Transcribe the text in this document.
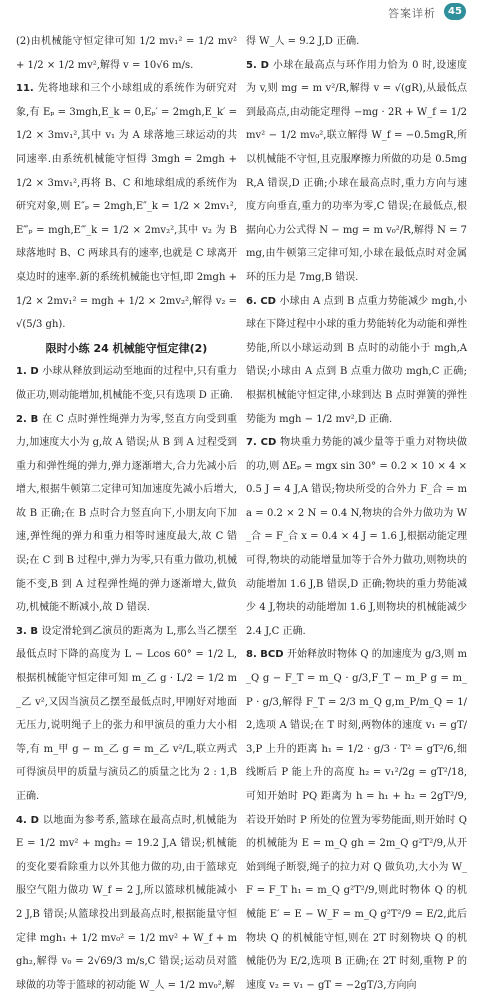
答案详析	45

(2)由机械能守恒定律可知 1/2 mv₁² = 1/2 mv² + 1/2 × 1/2 mv²,解得 v = 10√6 m/s.

11. 先将地球和三个小球组成的系统作为研究对象,有 Eₚ = 3mgh,E_k = 0,Eₚ′ = 2mgh,E_k′ = 1/2 × 3mv₁²,其中 v₁ 为 A 球落地三球运动的共同速率.由系统机械能守恒得 3mgh = 2mgh + 1/2 × 3mv₁²,再将 B、C 和地球组成的系统作为研究对象,则 E″ₚ = 2mgh,E″_k = 1/2 × 2mv₁²,E‴ₚ = mgh,E‴_k = 1/2 × 2mv₂²,其中 v₂ 为 B 球落地时 B、C 两球具有的速率,也就是 C 球离开桌边时的速率.新的系统机械能也守恒,即 2mgh + 1/2 × 2mv₁² = mgh + 1/2 × 2mv₂²,解得 v₂ = √(5/3 gh).

限时小练 24 机械能守恒定律(2)

1. D 小球从释放到运动至地面的过程中,只有重力做正功,则动能增加,机械能不变,只有选项 D 正确.

2. B 在 C 点时弹性绳弹力为零,竖直方向受到重力,加速度大小为 g,故 A 错误;从 B 到 A 过程受到重力和弹性绳的弹力,弹力逐渐增大,合力先减小后增大,根据牛顿第二定律可知加速度先减小后增大,故 B 正确;在 B 点时合力竖直向下,小朋友向下加速,弹性绳的弹力和重力相等时速度最大,故 C 错误;在 C 到 B 过程中,弹力为零,只有重力做功,机械能不变,B 到 A 过程弹性绳的弹力逐渐增大,做负功,机械能不断减小,故 D 错误.

3. B 设定滑轮到乙演员的距离为 L,那么当乙摆至最低点时下降的高度为 L − Lcos 60° = 1/2 L,根据机械能守恒定律可知 m_乙 g · L/2 = 1/2 m_乙 v²,又因当演员乙摆至最低点时,甲刚好对地面无压力,说明绳子上的张力和甲演员的重力大小相等,有 m_甲 g − m_乙 g = m_乙 v²/L,联立两式可得演员甲的质量与演员乙的质量之比为 2 : 1,B 正确.

4. D 以地面为参考系,篮球在最高点时,机械能为 E = 1/2 mv² + mgh₂ = 19.2 J,A 错误;机械能的变化要看除重力以外其他力做的功,由于篮球克服空气阻力做功 W_f = 2 J,所以篮球机械能减小 2 J,B 错误;从篮球投出到最高点时,根据能量守恒定律 mgh₁ + 1/2 mv₀² = 1/2 mv² + W_f + mgh₂,解得 v₀ = 2√69/3 m/s,C 错误;运动员对篮球做的功等于篮球的初动能 W_人 = 1/2 mv₀²,解

得 W_人 = 9.2 J,D 正确.

5. D 小球在最高点与环作用力恰为 0 时,设速度为 v,则 mg = m v²/R,解得 v = √(gR),从最低点到最高点,由动能定理得 −mg · 2R + W_f = 1/2 mv² − 1/2 mv₀²,联立解得 W_f = −0.5mgR,所以机械能不守恒,且克服摩擦力所做的功是 0.5mgR,A 错误,D 正确;小球在最高点时,重力方向与速度方向垂直,重力的功率为零,C 错误;在最低点,根据向心力公式得 N − mg = m v₀²/R,解得 N = 7mg,由牛顿第三定律可知,小球在最低点时对金属环的压力是 7mg,B 错误.

6. CD 小球由 A 点到 B 点重力势能减少 mgh,小球在下降过程中小球的重力势能转化为动能和弹性势能,所以小球运动到 B 点时的动能小于 mgh,A 错误;小球由 A 点到 B 点重力做功 mgh,C 正确;根据机械能守恒定律,小球到达 B 点时弹簧的弹性势能为 mgh − 1/2 mv²,D 正确.

7. CD 物块重力势能的减少量等于重力对物块做的功,则 ΔEₚ = mgx sin 30° = 0.2 × 10 × 4 × 0.5 J = 4 J,A 错误;物块所受的合外力 F_合 = ma = 0.2 × 2 N = 0.4 N,物块的合外力做功为 W_合 = F_合 x = 0.4 × 4 J = 1.6 J,根据动能定理可得,物块的动能增量加等于合外力做功,则物块的动能增加 1.6 J,B 错误,D 正确;物块的重力势能减少 4 J,物块的动能增加 1.6 J,则物块的机械能减少 2.4 J,C 正确.

8. BCD 开始释放时物体 Q 的加速度为 g/3,则 m_Q g − F_T = m_Q · g/3,F_T − m_P g = m_P · g/3,解得 F_T = 2/3 m_Q g,m_P/m_Q = 1/2,选项 A 错误;在 T 时刻,两物体的速度 v₁ = gT/3,P 上升的距离 h₁ = 1/2 · g/3 · T² = gT²/6,细线断后 P 能上升的高度 h₂ = v₁²/2g = gT²/18,可知开始时 PQ 距离为 h = h₁ + h₂ = 2gT²/9,若设开始时 P 所处的位置为零势能面,则开始时 Q 的机械能为 E = m_Q gh = 2m_Q g²T²/9,从开始到绳子断裂,绳子的拉力对 Q 做负功,大小为 W_F = F_T h₁ = m_Q g²T²/9,则此时物体 Q 的机械能 E′ = E − W_F = m_Q g²T²/9 = E/2,此后物块 Q 的机械能守恒,则在 2T 时刻物块 Q 的机械能仍为 E/2,选项 B 正确;在 2T 时刻,重物 P 的速度 v₂ = v₁ − gT = −2gT/3,方向向
